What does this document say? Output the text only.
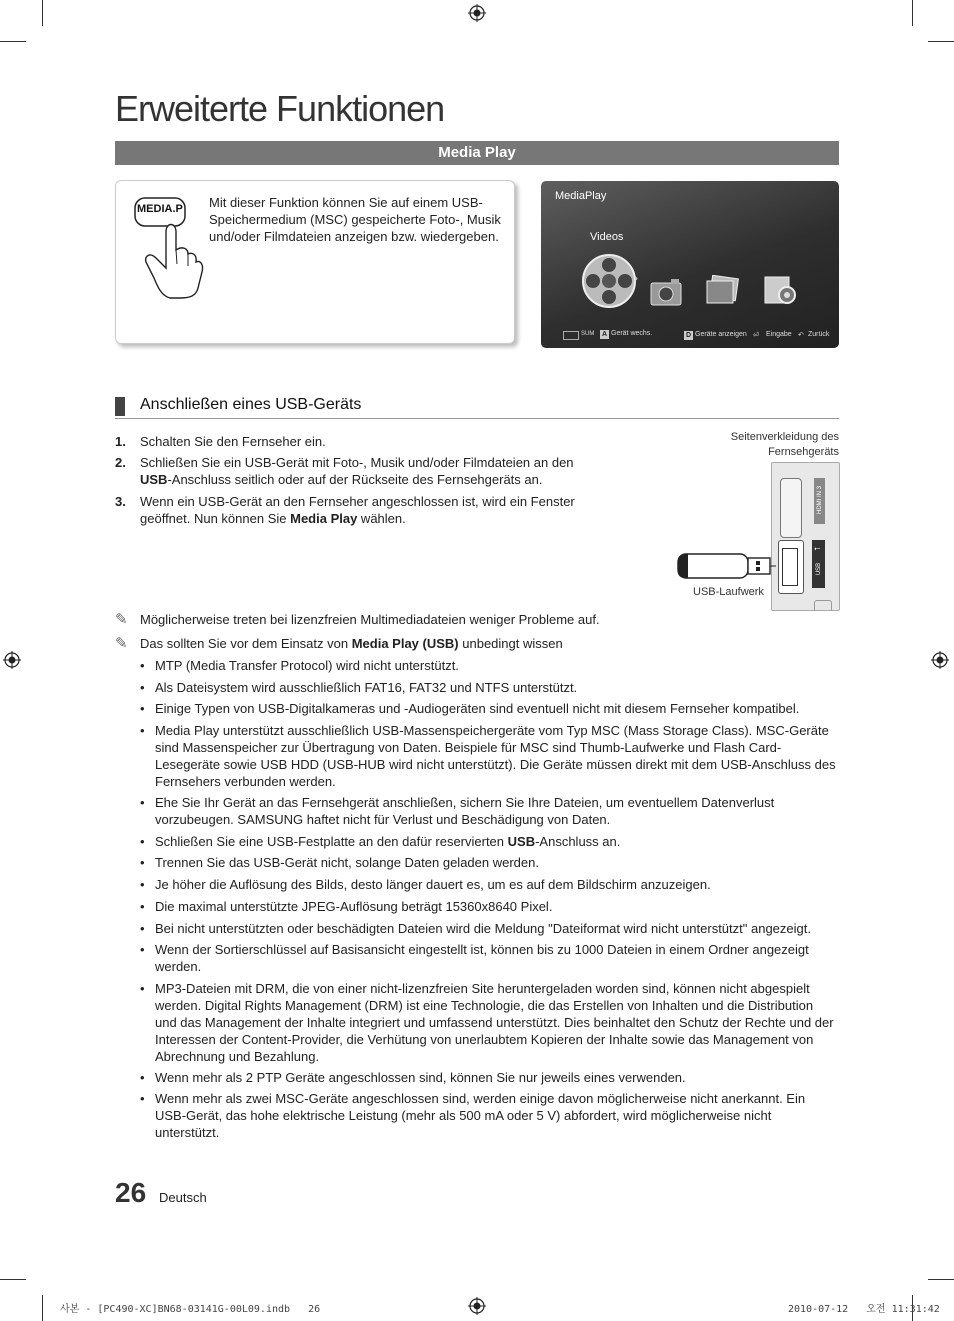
Erweiterte Funktionen
Media Play
MEDIA.P Mit dieser Funktion können Sie auf einem USB-Speichermedium (MSC) gespeicherte Foto-, Musik und/oder Filmdateien anzeigen bzw. wiedergeben.
MediaPlay
Videos
›
SUM A Gerät wechs.	D Geräte anzeigen ⏎ Eingabe ↶ Zurück
Anschließen eines USB-Geräts
1. Schalten Sie den Fernseher ein.
2. Schließen Sie ein USB-Gerät mit Foto-, Musik und/oder Filmdateien an den USB-Anschluss seitlich oder auf der Rückseite des Fernsehgeräts an.
3. Wenn ein USB-Gerät an den Fernseher angeschlossen ist, wird ein Fenster geöffnet. Nun können Sie Media Play wählen.
Seitenverkleidung des Fernsehgeräts
HDMI IN 3
USB
⭠
USB-Laufwerk
✎ Möglicherweise treten bei lizenzfreien Multimediadateien weniger Probleme auf.
✎ Das sollten Sie vor dem Einsatz von Media Play (USB) unbedingt wissen
• MTP (Media Transfer Protocol) wird nicht unterstützt.
• Als Dateisystem wird ausschließlich FAT16, FAT32 und NTFS unterstützt.
• Einige Typen von USB-Digitalkameras und -Audiogeräten sind eventuell nicht mit diesem Fernseher kompatibel.
• Media Play unterstützt ausschließlich USB-Massenspeichergeräte vom Typ MSC (Mass Storage Class). MSC-Geräte sind Massenspeicher zur Übertragung von Daten. Beispiele für MSC sind Thumb-Laufwerke und Flash Card-Lesegeräte sowie USB HDD (USB-HUB wird nicht unterstützt). Die Geräte müssen direkt mit dem USB-Anschluss des Fernsehers verbunden werden.
• Ehe Sie Ihr Gerät an das Fernsehgerät anschließen, sichern Sie Ihre Dateien, um eventuellem Datenverlust vorzubeugen. SAMSUNG haftet nicht für Verlust und Beschädigung von Daten.
• Schließen Sie eine USB-Festplatte an den dafür reservierten USB-Anschluss an.
• Trennen Sie das USB-Gerät nicht, solange Daten geladen werden.
• Je höher die Auflösung des Bilds, desto länger dauert es, um es auf dem Bildschirm anzuzeigen.
• Die maximal unterstützte JPEG-Auflösung beträgt 15360x8640 Pixel.
• Bei nicht unterstützten oder beschädigten Dateien wird die Meldung "Dateiformat wird nicht unterstützt" angezeigt.
• Wenn der Sortierschlüssel auf Basisansicht eingestellt ist, können bis zu 1000 Dateien in einem Ordner angezeigt werden.
• MP3-Dateien mit DRM, die von einer nicht-lizenzfreien Site heruntergeladen worden sind, können nicht abgespielt werden. Digital Rights Management (DRM) ist eine Technologie, die das Erstellen von Inhalten und die Distribution und das Management der Inhalte integriert und umfassend unterstützt. Dies beinhaltet den Schutz der Rechte und der Interessen der Content-Provider, die Verhütung von unerlaubtem Kopieren der Inhalte sowie das Management von Abrechnung und Bezahlung.
• Wenn mehr als 2 PTP Geräte angeschlossen sind, können Sie nur jeweils eines verwenden.
• Wenn mehr als zwei MSC-Geräte angeschlossen sind, werden einige davon möglicherweise nicht anerkannt. Ein USB-Gerät, das hohe elektrische Leistung (mehr als 500 mA oder 5 V) abfordert, wird möglicherweise nicht unterstützt.
26 Deutsch
사본 - [PC490-XC]BN68-03141G-00L09.indb   26	2010-07-12   오전 11:31:42
